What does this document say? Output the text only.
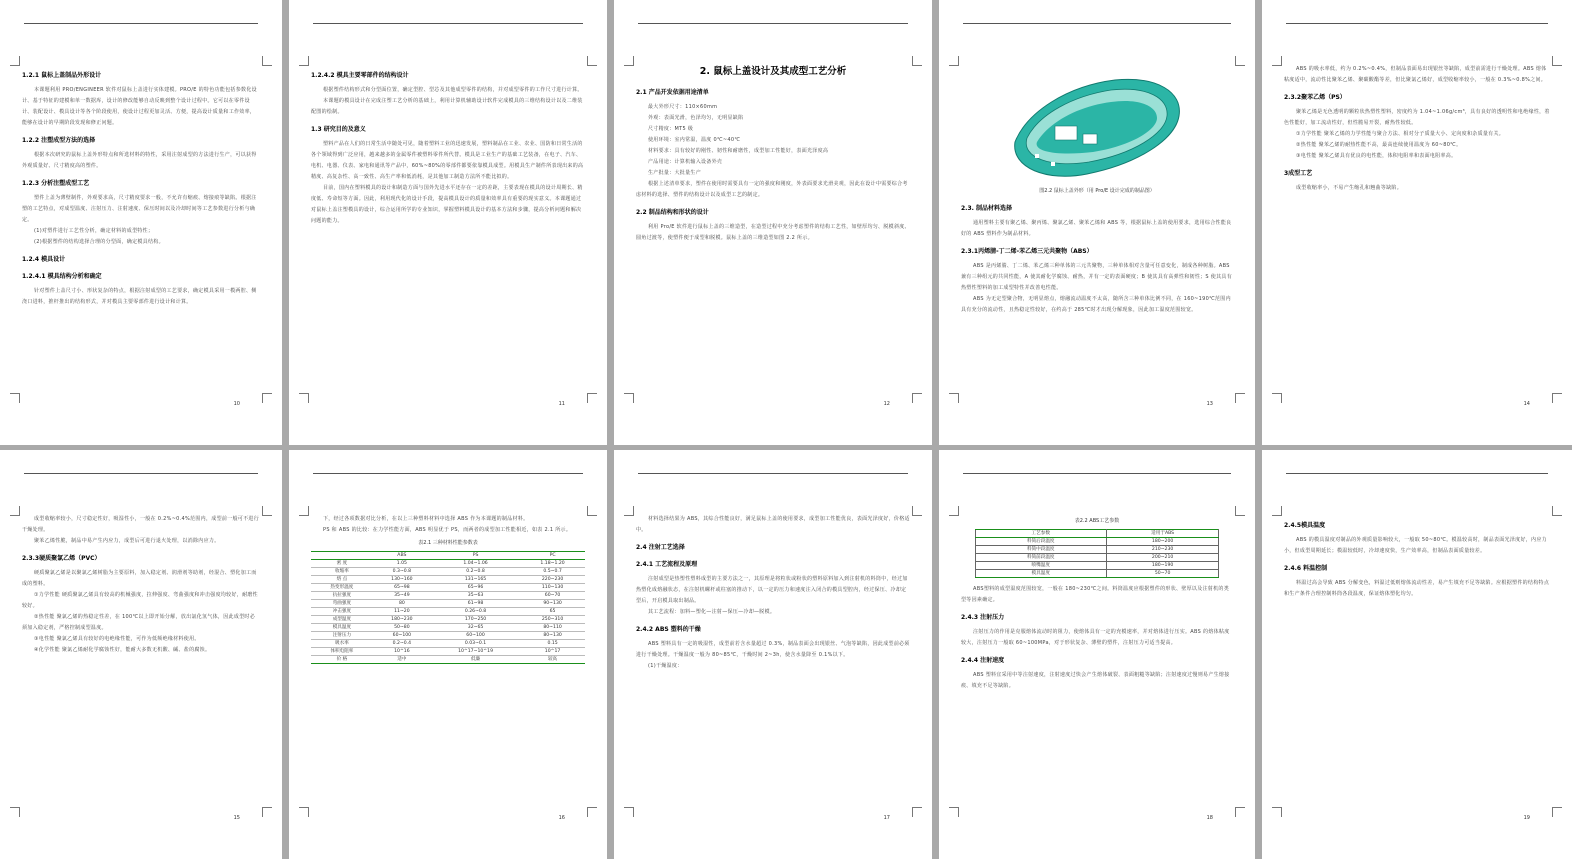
1.2.1 鼠标上盖制品外形设计
本课题利用 PRO/ENGINEER 软件对鼠标上盖进行实体建模。PRO/E 的特色功能包括参数化设计、基于特征的建模和单一数据库，设计的修改能够自动反映到整个设计过程中。它可以在零件设计、装配设计、模具设计等各个阶段使用，使设计过程更加灵活、方便，提高设计质量和工作效率，能够在设计的早期阶段发现和修正问题。
1.2.2 注塑成型方法的选择
根据本次研究的鼠标上盖外形特点和所选材料的特性，采用注射成型的方法进行生产，可以获得外观质量好、尺寸精度高的塑件。
1.2.3 分析注塑成型工艺
塑件上盖为薄壁制件，外观要求高，尺寸精度要求一般，不允许有缩痕、熔接痕等缺陷。根据注塑的工艺特点，对成型温度、注射压力、注射速度、保压时间以及冷却时间等工艺参数进行分析与确定。
(1)对塑件进行工艺性分析，确定材料的成型特性；
(2)根据塑件的结构选择合理的分型面，确定模具结构。
1.2.4 模具设计
1.2.4.1 模具结构分析和确定
针对塑件上盖尺寸小、形状复杂的特点，根据注射成型的工艺要求，确定模具采用一模两腔、侧浇口进料，推杆推出的结构形式，并对模具主要零部件进行设计和计算。
10
1.2.4.2 模具主要零部件的结构设计
根据塑件结构形式和分型面位置，确定型腔、型芯及其他成型零件的结构，并对成型零件的工作尺寸进行计算。
本课题的模具设计在完成注塑工艺分析的基础上，利用计算机辅助设计软件完成模具的三维结构设计以及二维装配图的绘制。
1.3 研究目的及意义
塑料产品在人们的日常生活中随处可见，随着塑料工业的迅速发展，塑料制品在工业、农业、国防和日常生活的各个领域得到广泛应用，越来越多的金属零件被塑料零件所代替。模具是工业生产的基础工艺装备，在电子、汽车、电机、电器、仪表、家电和通讯等产品中，60%~80%的零部件都要依靠模具成型。用模具生产制件所表现出来的高精度、高复杂性、高一致性、高生产率和低消耗，是其他加工制造方法所不能比拟的。
目前，国内在塑料模具的设计和制造方面与国外先进水平还存在一定的差距，主要表现在模具的设计周期长、精度低、寿命短等方面。因此，利用现代化的设计手段，提高模具设计的质量和效率具有重要的现实意义。本课题通过对鼠标上盖注塑模具的设计，综合运用所学的专业知识，掌握塑料模具设计的基本方法和步骤，提高分析问题和解决问题的能力。
11
2. 鼠标上盖设计及其成型工艺分析
2.1 产品开发依据用途清单
最大外形尺寸：110×60mm
外观：表面光滑，色泽均匀，无明显缺陷
尺寸精度：MT5 级
使用环境：室内常温，温度 0℃~40℃
材料要求：具有较好的刚性、韧性和耐磨性，成型加工性能好，表面光泽度高
产品用途：计算机输入设备外壳
生产批量：大批量生产
根据上述清单要求，塑件在使用时需要具有一定的强度和刚度，外表面要求光滑美观，因此在设计中需要综合考虑材料的选择、塑件的结构设计以及成型工艺的制定。
2.2 制品结构和形状的设计
利用 Pro/E 软件进行鼠标上盖的三维造型，在造型过程中充分考虑塑件的结构工艺性，如壁厚均匀、脱模斜度、圆角过渡等，使塑件便于成型和脱模。鼠标上盖的三维造型如图 2.2 所示。
12
图2.2 鼠标上盖外形（用 Pro/E 设计完成的制品图）
2.3. 制品材料选择
通用塑料主要有聚乙烯、聚丙烯、聚氯乙烯、聚苯乙烯和 ABS 等，根据鼠标上盖的使用要求，选用综合性能良好的 ABS 塑料作为制品材料。
2.3.1丙烯腈-丁二烯-苯乙烯三元共聚物（ABS）
ABS 是丙烯腈、丁二烯、苯乙烯三种单体的三元共聚物，三种单体相对含量可任意变化，制成各种树脂。ABS 兼有三种组元的共同性能，A 使其耐化学腐蚀、耐热，并有一定的表面硬度；B 使其具有高弹性和韧性；S 使其具有热塑性塑料的加工成型特性并改善电性能。
ABS 为无定型聚合物，无明显熔点，熔融流动温度不太高，随所含三种单体比例不同，在 160~190℃范围内具有充分的流动性，且热稳定性较好，在约高于 285℃时才出现分解现象，因此加工温度范围较宽。
13
ABS 的吸水率低，约为 0.2%~0.4%，但制品表面易出现银丝等缺陷，成型前需进行干燥处理。ABS 熔体粘度适中，流动性比聚苯乙烯、聚碳酸酯等差，但比聚氯乙烯好，成型收缩率较小，一般在 0.3%~0.8%之间。
2.3.2聚苯乙烯（PS）
聚苯乙烯是无色透明的颗粒状热塑性塑料，密度约为 1.04~1.06g/cm³，具有良好的透明性和电绝缘性，着色性能好，加工流动性好，但性脆易开裂，耐热性较低。
①力学性能 聚苯乙烯的力学性能与聚合方法、相对分子质量大小、定向度和杂质量有关。
②热性能 聚苯乙烯的耐热性能不高，最高连续使用温度为 60~80℃。
③电性能 聚苯乙烯具有优良的电性能，体积电阻率和表面电阻率高。
3成型工艺
成型收缩率小，不易产生缩孔和翘曲等缺陷。
14
成型收缩率较小，尺寸稳定性好，吸湿性小，一般在 0.2%~0.4%范围内，成型前一般可不进行干燥处理。
聚苯乙烯性脆，制品中易产生内应力，成型后可进行退火处理，以消除内应力。
2.3.3硬质聚氯乙烯（PVC）
硬质聚氯乙烯是以聚氯乙烯树脂为主要原料，加入稳定剂、润滑剂等助剂，经混合、塑化加工而成的塑料。
①力学性能 硬质聚氯乙烯具有较高的机械强度，拉伸强度、弯曲强度和冲击强度均较好，耐磨性较好。
②热性能 聚氯乙烯的热稳定性差，在 100℃以上即开始分解，放出氯化氢气体，因此成型时必须加入稳定剂，严格控制成型温度。
③电性能 聚氯乙烯具有较好的电绝缘性能，可作为低频绝缘材料使用。
④化学性能 聚氯乙烯耐化学腐蚀性好，能耐大多数无机酸、碱、盐的腐蚀。
15
下，经过各项数据对比分析，在以上三种塑料材料中选择 ABS 作为本课题的制品材料。
PS 和 ABS 的比较：在力学性能方面，ABS 明显优于 PS，而两者的成型加工性能相近，如表 2.1 所示。
表2.1 三种材料性能参数表
	ABS	PS	PC
密 度	1.05	1.04~1.06	1.18~1.20
收缩率	0.3~0.8	0.2~0.8	0.5~0.7
熔 点	130~160	131~165	220~230
热变形温度	65~98	65~96	110~130
抗拉强度	35~49	35~63	60~70
弯曲强度	80	61~98	90~130
冲击强度	11~20	0.26~0.8	65
成型温度	180~230	170~250	250~310
模具温度	50~80	32~65	80~110
注射压力	60~100	60~100	80~130
吸水率	0.2~0.4	0.03~0.1	0.15
体积电阻率	10^16	10^17~10^19	10^17
价 格	适中	低廉	较高
16
材料选择结果为 ABS，其综合性能良好，满足鼠标上盖的使用要求，成型加工性能优良，表面光泽度好，价格适中。
2.4 注射工艺选择
2.4.1 工艺流程及原理
注射成型是热塑性塑料成型的主要方法之一，其原理是将粒状或粉状的塑料原料加入到注射机的料筒中，经过加热塑化成熔融状态，在注射机螺杆或柱塞的推动下，以一定的压力和速度注入闭合的模具型腔内，经过保压、冷却定型后，开启模具取出制品。
其工艺流程：加料—塑化—注射—保压—冷却—脱模。
2.4.2 ABS 塑料的干燥
ABS 塑料具有一定的吸湿性，成型前若含水量超过 0.3%，制品表面会出现银丝、气泡等缺陷，因此成型前必须进行干燥处理。干燥温度一般为 80~85℃，干燥时间 2~3h，使含水量降至 0.1%以下。
(1)干燥温度：
17
表2.2 ABS工艺参数
工艺参数	适用于ABS
料筒后段温度	180~200
料筒中段温度	210~230
料筒前段温度	200~210
喷嘴温度	180~190
模具温度	50~70
ABS塑料的成型温度范围较宽，一般在 180~230℃之间。料筒温度应根据塑件的形状、壁厚以及注射机的类型等因素确定。
2.4.3 注射压力
注射压力的作用是克服熔体流动时的阻力，使熔体具有一定的充模速率，并对熔体进行压实。ABS 的熔体粘度较大，注射压力一般取 60~100MPa，对于形状复杂、薄壁的塑件，注射压力可适当提高。
2.4.4 注射速度
ABS 塑料宜采用中等注射速度，注射速度过快会产生熔体破裂、表面粗糙等缺陷；注射速度过慢则易产生熔接痕、填充不足等缺陷。
18
2.4.5模具温度
ABS 的模具温度对制品的外观质量影响较大，一般取 50~80℃。模温较高时，制品表面光泽度好，内应力小，但成型周期延长；模温较低时，冷却速度快，生产效率高，但制品表面质量较差。
2.4.6 料温控制
料温过高会导致 ABS 分解变色，料温过低则熔体流动性差，易产生填充不足等缺陷。应根据塑件的结构特点和生产条件合理控制料筒各段温度，保证熔体塑化均匀。
19
